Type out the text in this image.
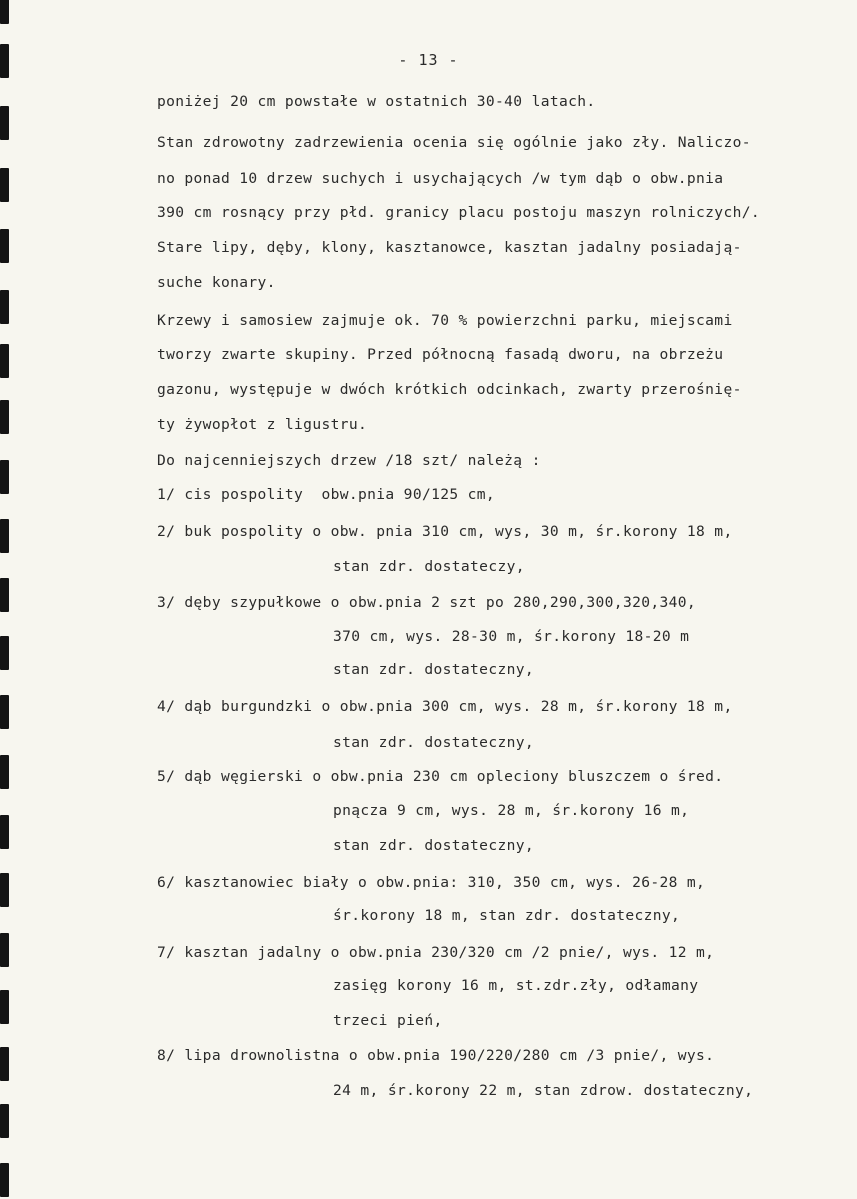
- 13 -
poniżej 20 cm powstałe w ostatnich 30-40 latach.
Stan zdrowotny zadrzewienia ocenia się ogólnie jako zły. Naliczo-
no ponad 10 drzew suchych i usychających /w tym dąb o obw.pnia
390 cm rosnący przy płd. granicy placu postoju maszyn rolniczych/.
Stare lipy, dęby, klony, kasztanowce, kasztan jadalny posiadają-
suche konary.
Krzewy i samosiew zajmuje ok. 70 % powierzchni parku, miejscami
tworzy zwarte skupiny. Przed północną fasadą dworu, na obrzeżu
gazonu, występuje w dwóch krótkich odcinkach, zwarty przerośnię-
ty żywopłot z ligustru.
Do najcenniejszych drzew /18 szt/ należą :
1/ cis pospolity  obw.pnia 90/125 cm,
2/ buk pospolity o obw. pnia 310 cm, wys, 30 m, śr.korony 18 m,
stan zdr. dostateczy,
3/ dęby szypułkowe o obw.pnia 2 szt po 280,290,300,320,340,
370 cm, wys. 28-30 m, śr.korony 18-20 m
stan zdr. dostateczny,
4/ dąb burgundzki o obw.pnia 300 cm, wys. 28 m, śr.korony 18 m,
stan zdr. dostateczny,
5/ dąb węgierski o obw.pnia 230 cm opleciony bluszczem o śred.
pnącza 9 cm, wys. 28 m, śr.korony 16 m,
stan zdr. dostateczny,
6/ kasztanowiec biały o obw.pnia: 310, 350 cm, wys. 26-28 m,
śr.korony 18 m, stan zdr. dostateczny,
7/ kasztan jadalny o obw.pnia 230/320 cm /2 pnie/, wys. 12 m,
zasięg korony 16 m, st.zdr.zły, odłamany
trzeci pień,
8/ lipa drownolistna o obw.pnia 190/220/280 cm /3 pnie/, wys.
24 m, śr.korony 22 m, stan zdrow. dostateczny,
